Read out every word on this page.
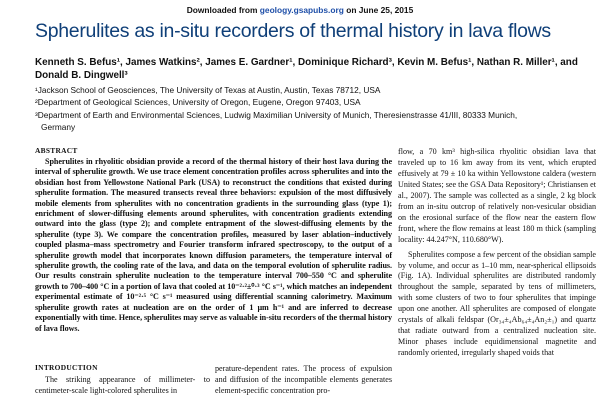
Downloaded from geology.gsapubs.org on June 25, 2015
Spherulites as in-situ recorders of thermal history in lava flows
Kenneth S. Befus¹, James Watkins², James E. Gardner¹, Dominique Richard³, Kevin M. Befus¹, Nathan R. Miller¹, and Donald B. Dingwell³

¹Jackson School of Geosciences, The University of Texas at Austin, Austin, Texas 78712, USA

²Department of Geological Sciences, University of Oregon, Eugene, Oregon 97403, USA

³Department of Earth and Environmental Sciences, Ludwig Maximilian University of Munich, Theresienstrasse 41/III, 80333 Munich,

Germany

ABSTRACT

Spherulites in rhyolitic obsidian provide a record of the thermal history of their host lava during the interval of spherulite growth. We use trace element concentration profiles across spherulites and into the obsidian host from Yellowstone National Park (USA) to reconstruct the conditions that existed during spherulite formation. The measured transects reveal three behaviors: expulsion of the most diffusively mobile elements from spherulites with no concentration gradients in the surrounding glass (type 1); enrichment of slower-diffusing elements around spherulites, with concentration gradients extending outward into the glass (type 2); and complete entrapment of the slowest-diffusing elements by the spherulite (type 3). We compare the concentration profiles, measured by laser ablation–inductively coupled plasma–mass spectrometry and Fourier transform infrared spectroscopy, to the output of a spherulite growth model that incorporates known diffusion parameters, the temperature interval of spherulite growth, the cooling rate of the lava, and data on the temporal evolution of spherulite radius. Our results constrain spherulite nucleation to the temperature interval 700–550 °C and spherulite growth to 700–400 °C in a portion of lava that cooled at 10⁻²·²±⁰·³ °C s⁻¹, which matches an independent experimental estimate of 10⁻²·⁵ °C s⁻¹ measured using differential scanning calorimetry. Maximum spherulite growth rates at nucleation are on the order of 1 µm h⁻¹ and are inferred to decrease exponentially with time. Hence, spherulites may serve as valuable in-situ recorders of the thermal history of lava flows.

INTRODUCTION

The striking appearance of millimeter- to centimeter-scale light-colored spherulites in

perature-dependent rates. The process of expulsion and diffusion of the incompatible elements generates element-specific concentration pro-

flow, a 70 km³ high-silica rhyolitic obsidian lava that traveled up to 16 km away from its vent, which erupted effusively at 79 ± 10 ka within Yellowstone caldera (western United States; see the GSA Data Repository¹; Christiansen et al., 2007). The sample was collected as a single, 2 kg block from an in-situ outcrop of relatively non-vesicular obsidian on the erosional surface of the flow near the eastern flow front, where the flow remains at least 180 m thick (sampling locality: 44.247°N, 110.680°W).

Spherulites compose a few percent of the obsidian sample by volume, and occur as 1–10 mm, near-spherical ellipsoids (Fig. 1A). Individual spherulites are distributed randomly throughout the sample, separated by tens of millimeters, with some clusters of two to four spherulites that impinge upon one another. All spherulites are composed of elongate crystals of alkali feldspar (Or₃₄±₄Ab₆₄±₄An₂±₁) and quartz that radiate outward from a centralized nucleation site. Minor phases include equidimensional magnetite and randomly oriented, irregularly shaped voids that
